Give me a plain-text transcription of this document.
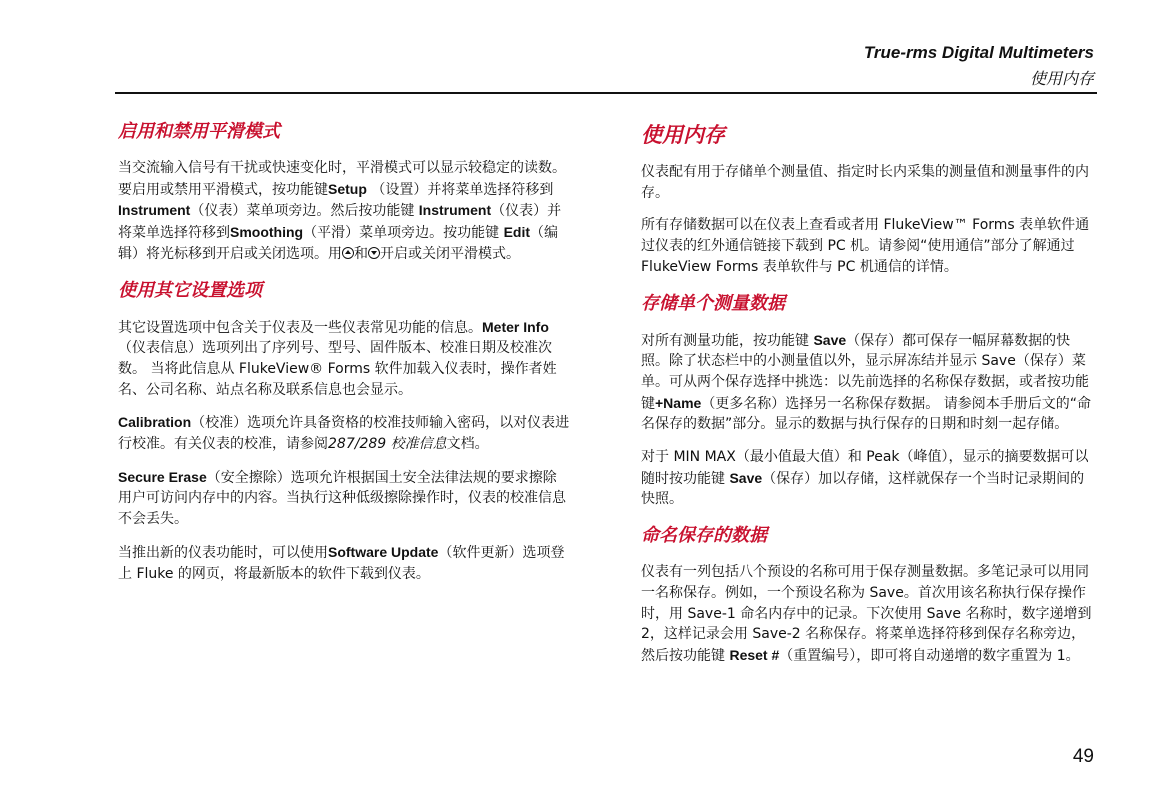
True-rms Digital Multimeters
使用内存
启用和禁用平滑模式

当交流输入信号有干扰或快速变化时，平滑模式可以显示较稳定的读数。要启用或禁用平滑模式，按功能键Setup （设置）并将菜单选择符移到Instrument（仪表）菜单项旁边。然后按功能键 Instrument（仪表）并将菜单选择符移到Smoothing（平滑）菜单项旁边。按功能键 Edit（编辑）将光标移到开启或关闭选项。用 和 开启或关闭平滑模式。

使用其它设置选项

其它设置选项中包含关于仪表及一些仪表常见功能的信息。Meter Info （仪表信息）选项列出了序列号、型号、固件版本、校准日期及校准次数。 当将此信息从 FlukeView® Forms 软件加载入仪表时，操作者姓名、公司名称、站点名称及联系信息也会显示。

Calibration（校准）选项允许具备资格的校准技师输入密码，以对仪表进行校准。有关仪表的校准，请参阅287/289 校准信息文档。

Secure Erase（安全擦除）选项允许根据国土安全法律法规的要求擦除用户可访问内存中的内容。当执行这种低级擦除操作时，仪表的校准信息不会丢失。

当推出新的仪表功能时，可以使用Software Update（软件更新）选项登上 Fluke 的网页，将最新版本的软件下载到仪表。

使用内存

仪表配有用于存储单个测量值、指定时长内采集的测量值和测量事件的内存。

所有存储数据可以在仪表上查看或者用 FlukeView™ Forms 表单软件通过仪表的红外通信链接下载到 PC 机。请参阅“使用通信”部分了解通过 FlukeView Forms 表单软件与 PC 机通信的详情。

存储单个测量数据

对所有测量功能，按功能键 Save（保存）都可保存一幅屏幕数据的快照。除了状态栏中的小测量值以外，显示屏冻结并显示 Save（保存）菜单。可从两个保存选择中挑选：以先前选择的名称保存数据，或者按功能键+Name（更多名称）选择另一名称保存数据。 请参阅本手册后文的“命名保存的数据”部分。显示的数据与执行保存的日期和时刻一起存储。

对于 MIN MAX（最小值最大值）和 Peak（峰值），显示的摘要数据可以随时按功能键 Save（保存）加以存储，这样就保存一个当时记录期间的快照。

命名保存的数据

仪表有一列包括八个预设的名称可用于保存测量数据。多笔记录可以用同一名称保存。例如，一个预设名称为 Save。首次用该名称执行保存操作时，用 Save-1 命名内存中的记录。下次使用 Save 名称时，数字递增到 2，这样记录会用 Save-2 名称保存。将菜单选择符移到保存名称旁边，然后按功能键 Reset #（重置编号），即可将自动递增的数字重置为 1。

49
